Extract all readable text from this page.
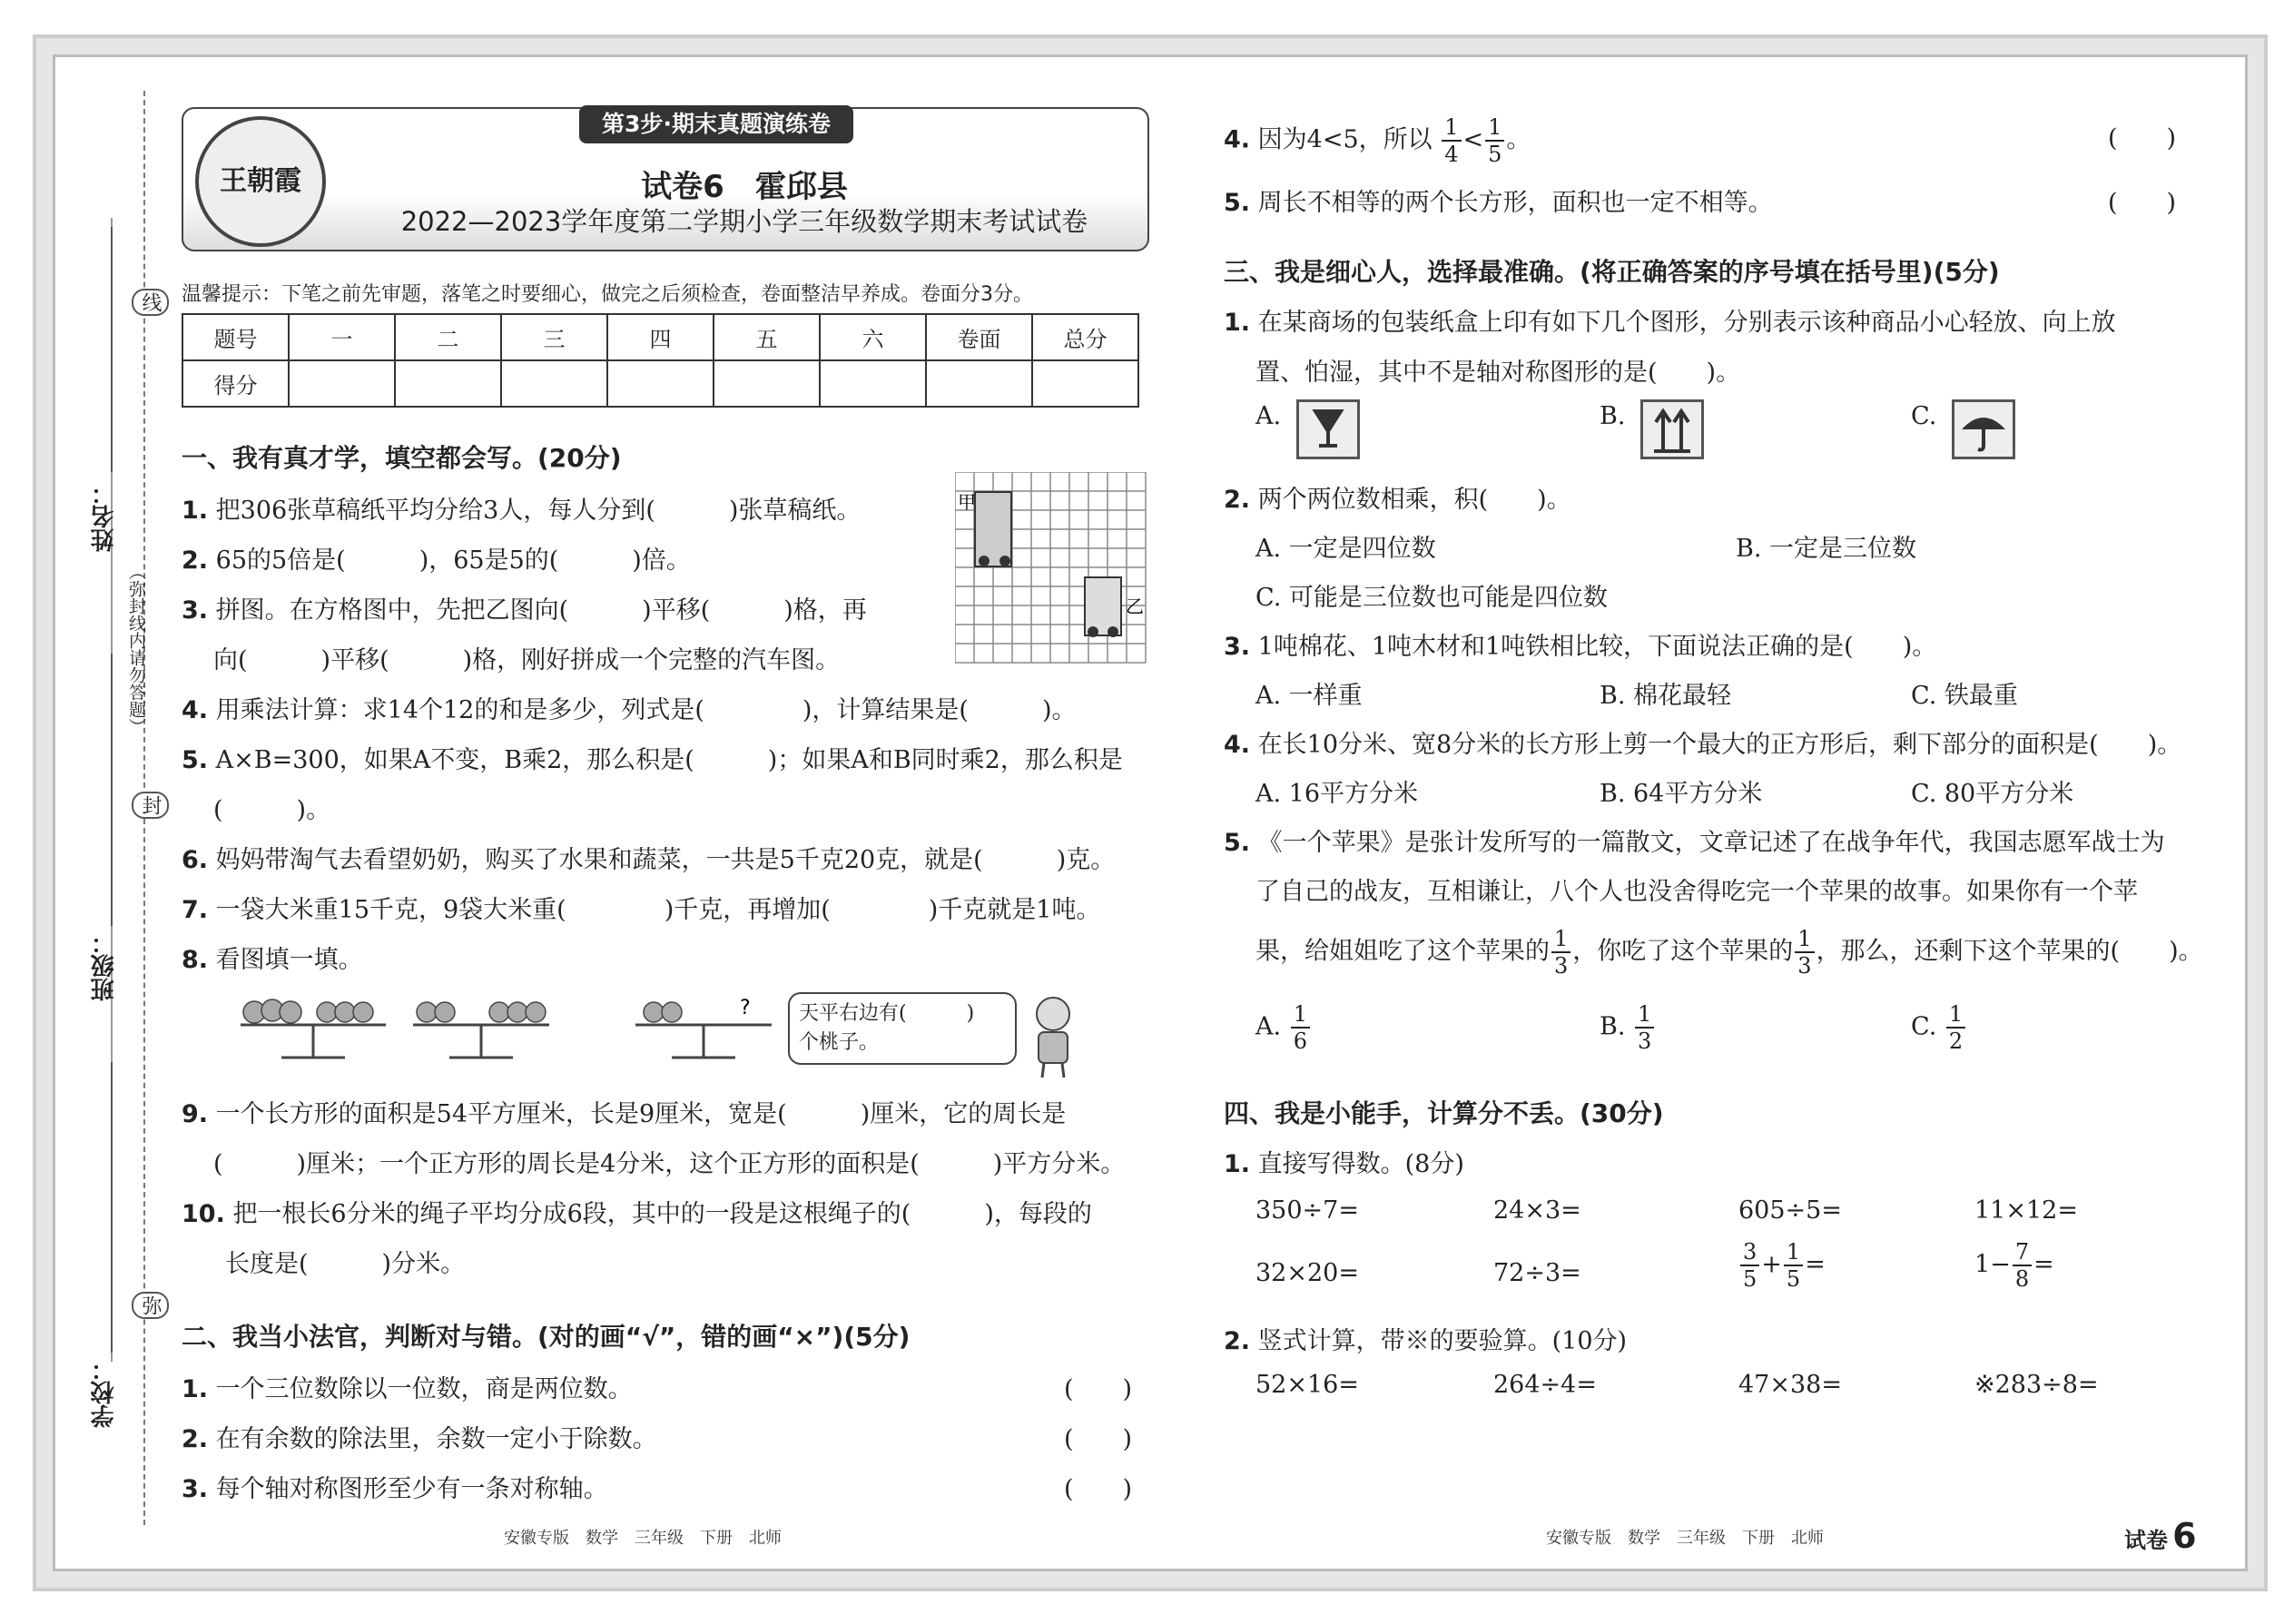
线
封
弥
（弥封线内请勿答题）
姓名：
班级：
学校：
王朝霞
第3步·期末真题演练卷
试卷6　霍邱县
2022—2023学年度第二学期小学三年级数学期末考试试卷
温馨提示：下笔之前先审题，落笔之时要细心，做完之后须检查，卷面整洁早养成。卷面分3分。
题号	一	二	三	四	五	六	卷面	总分
得分								
一、我有真才学，填空都会写。(20分)
1. 把306张草稿纸平均分给3人，每人分到(　　　)张草稿纸。
2. 65的5倍是(　　　)，65是5的(　　　)倍。
3. 拼图。在方格图中，先把乙图向(　　　)平移(　　　)格，再
向(　　　)平移(　　　)格，刚好拼成一个完整的汽车图。
4. 用乘法计算：求14个12的和是多少，列式是(　　　　)，计算结果是(　　　)。
5. A×B=300，如果A不变，B乘2，那么积是(　　　)；如果A和B同时乘2，那么积是
(　　　)。
6. 妈妈带淘气去看望奶奶，购买了水果和蔬菜，一共是5千克20克，就是(　　　)克。
7. 一袋大米重15千克，9袋大米重(　　　　)千克，再增加(　　　　)千克就是1吨。
8. 看图填一填。
甲
乙
? 天平右边有(　　　)
个桃子。
9. 一个长方形的面积是54平方厘米，长是9厘米，宽是(　　　)厘米，它的周长是
(　　　)厘米；一个正方形的周长是4分米，这个正方形的面积是(　　　)平方分米。
10. 把一根长6分米的绳子平均分成6段，其中的一段是这根绳子的(　　　)，每段的
长度是(　　　)分米。
二、我当小法官，判断对与错。(对的画“√”，错的画“×”)(5分)
1. 一个三位数除以一位数，商是两位数。	(　　)
2. 在有余数的除法里，余数一定小于除数。	(　　)
3. 每个轴对称图形至少有一条对称轴。	(　　)
安徽专版　数学　三年级　下册　北师
4. 因为4<5，所以 $\frac{1}{4} < \frac{1}{5}$ 。	(　　)
5. 周长不相等的两个长方形，面积也一定不相等。	(　　)
三、我是细心人，选择最准确。(将正确答案的序号填在括号里)(5分)
1. 在某商场的包装纸盒上印有如下几个图形，分别表示该种商品小心轻放、向上放
置、怕湿，其中不是轴对称图形的是(　　)。
A.	B.	C.
2. 两个两位数相乘，积(　　)。
A. 一定是四位数	B. 一定是三位数
C. 可能是三位数也可能是四位数
3. 1吨棉花、1吨木材和1吨铁相比较，下面说法正确的是(　　)。
A. 一样重	B. 棉花最轻	C. 铁最重
4. 在长10分米、宽8分米的长方形上剪一个最大的正方形后，剩下部分的面积是(　　)。
A. 16平方分米	B. 64平方分米	C. 80平方分米
5. 《一个苹果》是张计发所写的一篇散文，文章记述了在战争年代，我国志愿军战士为
了自己的战友，互相谦让，八个人也没舍得吃完一个苹果的故事。如果你有一个苹
果，给姐姐吃了这个苹果的 $\frac{1}{3}$ ，你吃了这个苹果的 $\frac{1}{3}$ ，那么，还剩下这个苹果的(　　)。
A. $\frac{1}{6}$	B. $\frac{1}{3}$	C. $\frac{1}{2}$
四、我是小能手，计算分不丢。(30分)
1. 直接写得数。(8分)
350÷7=	24×3=	605÷5=	11×12=
32×20=	72÷3=	$\frac{3}{5} + \frac{1}{5}$ =	$1- \frac{7}{8}$ =
2. 竖式计算，带※的要验算。(10分)
52×16=	264÷4=	47×38=	※283÷8=
安徽专版　数学　三年级　下册　北师	试卷 6
